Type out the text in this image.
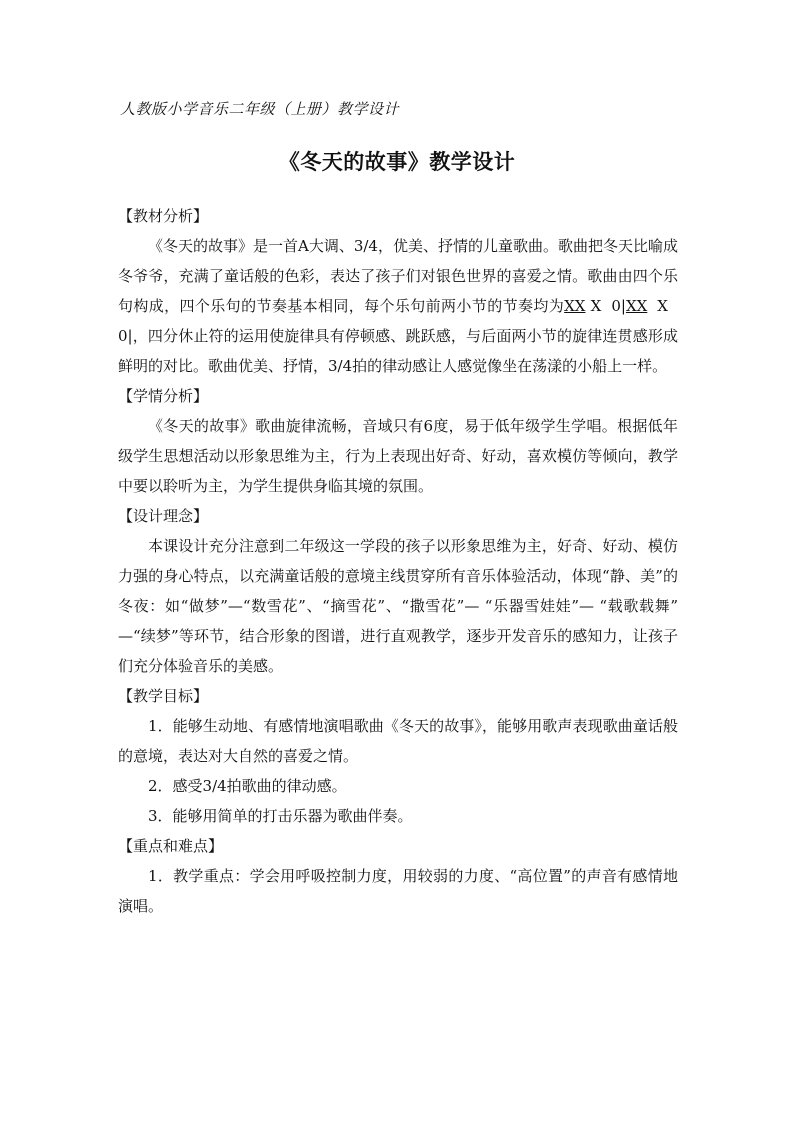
人教版小学音乐二年级（上册）教学设计
《冬天的故事》教学设计
【教材分析】

《冬天的故事》是一首A大调、3/4，优美、抒情的儿童歌曲。歌曲把冬天比喻成冬爷爷，充满了童话般的色彩，表达了孩子们对银色世界的喜爱之情。歌曲由四个乐句构成，四个乐句的节奏基本相同，每个乐句前两小节的节奏均为XX X 0|XX X0|，四分休止符的运用使旋律具有停顿感、跳跃感，与后面两小节的旋律连贯感形成鲜明的对比。歌曲优美、抒情，3/4拍的律动感让人感觉像坐在荡漾的小船上一样。

【学情分析】

《冬天的故事》歌曲旋律流畅，音域只有6度，易于低年级学生学唱。根据低年级学生思想活动以形象思维为主，行为上表现出好奇、好动，喜欢模仿等倾向，教学中要以聆听为主，为学生提供身临其境的氛围。

【设计理念】

本课设计充分注意到二年级这一学段的孩子以形象思维为主，好奇、好动、模仿力强的身心特点，以充满童话般的意境主线贯穿所有音乐体验活动，体现“静、美”的冬夜：如“做梦”—“数雪花”、“摘雪花”、“撒雪花”— “乐器雪娃娃”— “载歌载舞” —“续梦”等环节，结合形象的图谱，进行直观教学，逐步开发音乐的感知力，让孩子们充分体验音乐的美感。

【教学目标】

1．能够生动地、有感情地演唱歌曲《冬天的故事》，能够用歌声表现歌曲童话般的意境，表达对大自然的喜爱之情。

2．感受3/4拍歌曲的律动感。

3．能够用简单的打击乐器为歌曲伴奏。

【重点和难点】

1．教学重点：学会用呼吸控制力度，用较弱的力度、“高位置”的声音有感情地演唱。
